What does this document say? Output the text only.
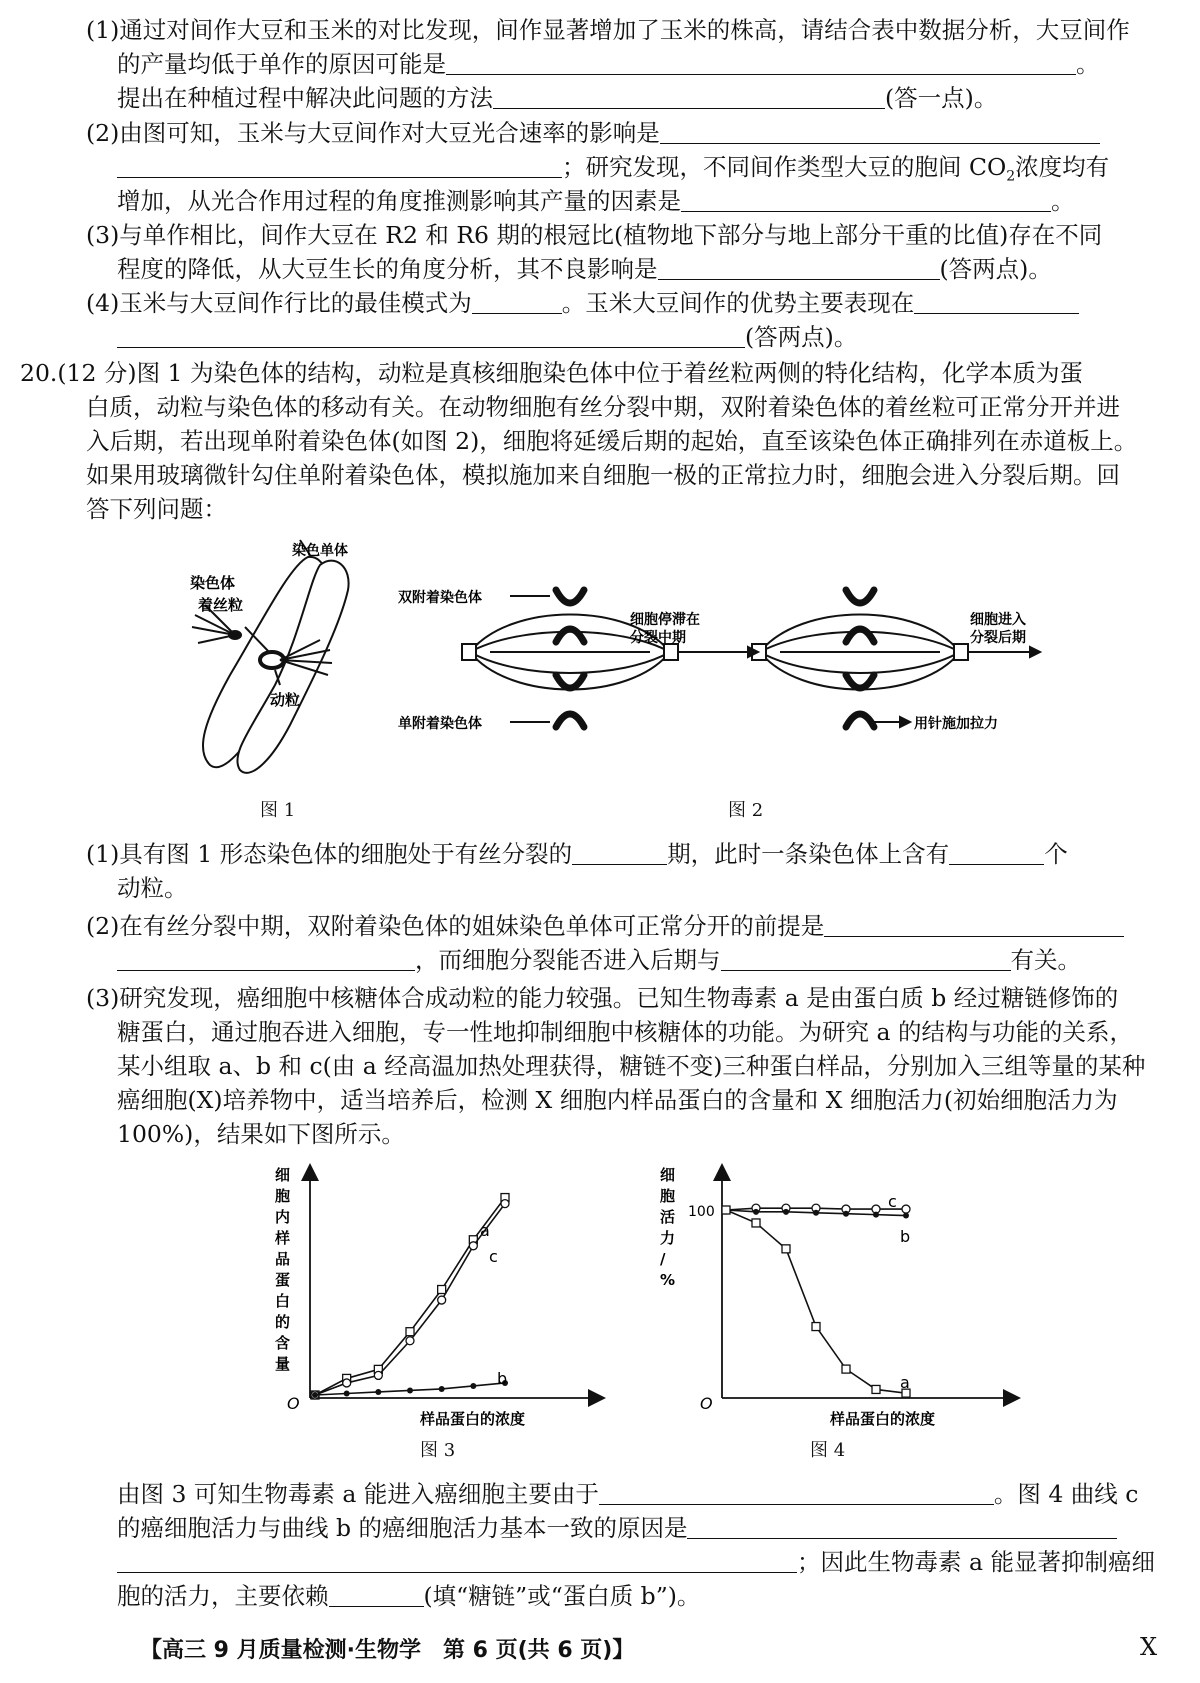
(1)通过对间作大豆和玉米的对比发现，间作显著增加了玉米的株高，请结合表中数据分析，大豆间作
的产量均低于单作的原因可能是	。
提出在种植过程中解决此问题的方法	(答一点)。
(2)由图可知，玉米与大豆间作对大豆光合速率的影响是
；研究发现，不同间作类型大豆的胞间 $CO_2$浓度均有
增加，从光合作用过程的角度推测影响其产量的因素是	。
(3)与单作相比，间作大豆在 R2 和 R6 期的根冠比(植物地下部分与地上部分干重的比值)存在不同
程度的降低，从大豆生长的角度分析，其不良影响是	(答两点)。
(4)玉米与大豆间作行比的最佳模式为	。玉米大豆间作的优势主要表现在
(答两点)。
20.(12 分)图 1 为染色体的结构，动粒是真核细胞染色体中位于着丝粒两侧的特化结构，化学本质为蛋
白质，动粒与染色体的移动有关。在动物细胞有丝分裂中期，双附着染色体的着丝粒可正常分开并进
入后期，若出现单附着染色体(如图 2)，细胞将延缓后期的起始，直至该染色体正确排列在赤道板上。
如果用玻璃微针勾住单附着染色体，模拟施加来自细胞一极的正常拉力时，细胞会进入分裂后期。回
答下列问题：
染色单体
染色体
着丝粒
动粒
图 1
双附着染色体
细胞停滞在
分裂中期
细胞进入
分裂后期
单附着染色体	用针施加拉力
图 2
(1)具有图 1 形态染色体的细胞处于有丝分裂的	期，此时一条染色体上含有	个
动粒。
(2)在有丝分裂中期，双附着染色体的姐妹染色单体可正常分开的前提是
，而细胞分裂能否进入后期与	有关。
(3)研究发现，癌细胞中核糖体合成动粒的能力较强。已知生物毒素 a 是由蛋白质 b 经过糖链修饰的
糖蛋白，通过胞吞进入细胞，专一性地抑制细胞中核糖体的功能。为研究 a 的结构与功能的关系，
某小组取 a、b 和 c(由 a 经高温加热处理获得，糖链不变)三种蛋白样品，分别加入三组等量的某种
癌细胞(X)培养物中，适当培养后，检测 X 细胞内样品蛋白的含量和 X 细胞活力(初始细胞活力为
100%)，结果如下图所示。
细胞内样品蛋白的含量
样品蛋白的浓度
O
a
c
b
图 3
细胞活力/ %
100
样品蛋白的浓度
O
c
b
a
图 4
由图 3 可知生物毒素 a 能进入癌细胞主要由于	。图 4 曲线 c
的癌细胞活力与曲线 b 的癌细胞活力基本一致的原因是
；因此生物毒素 a 能显著抑制癌细
胞的活力，主要依赖	(填“糖链”或“蛋白质 b”)。
【高三 9 月质量检测·生物学　第 6 页(共 6 页)】	X
